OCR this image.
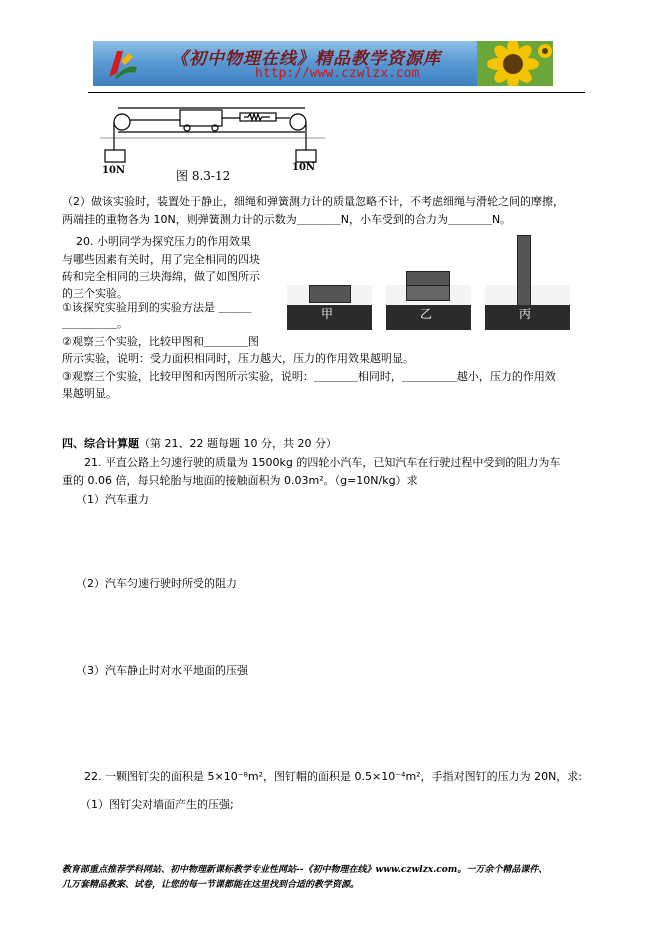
《初中物理在线》精品教学资源库
http://www.czwlzx.com
10N	10N
图 8.3-12
（2）做该实验时，装置处于静止，细绳和弹簧测力计的质量忽略不计，不考虑细绳与滑轮之间的摩擦，
两端挂的重物各为 10N，则弹簧测力计的示数为＿＿＿＿N，小车受到的合力为＿＿＿＿N。
20. 小明同学为探究压力的作用效果
与哪些因素有关时，用了完全相同的四块
砖和完全相同的三块海绵，做了如图所示
的三个实验。
①该探究实验用到的实验方法是 ＿＿＿
＿＿＿＿＿。
②观察三个实验，比较甲图和＿＿＿＿图
所示实验，说明：受力面积相同时，压力越大，压力的作用效果越明显。
③观察三个实验，比较甲图和丙图所示实验，说明：＿＿＿＿相同时，＿＿＿＿＿越小，压力的作用效
果越明显。
甲	乙	丙
四、综合计算题（第 21、22 题每题 10 分，共 20 分）
21. 平直公路上匀速行驶的质量为 1500kg 的四轮小汽车，已知汽车在行驶过程中受到的阻力为车
重的 0.06 倍，每只轮胎与地面的接触面积为 0.03m²。（g=10N/kg）求
（1）汽车重力
（2）汽车匀速行驶时所受的阻力
（3）汽车静止时对水平地面的压强
22. 一颗图钉尖的面积是 5×10⁻⁸m²，图钉帽的面积是 0.5×10⁻⁴m²，手指对图钉的压力为 20N，求:
（1）图钉尖对墙面产生的压强;
教育部重点推荐学科网站、初中物理新课标教学专业性网站--《初中物理在线》www.czwlzx.com。一万余个精品课件、
几万套精品教案、试卷，让您的每一节课都能在这里找到合适的教学资源。
